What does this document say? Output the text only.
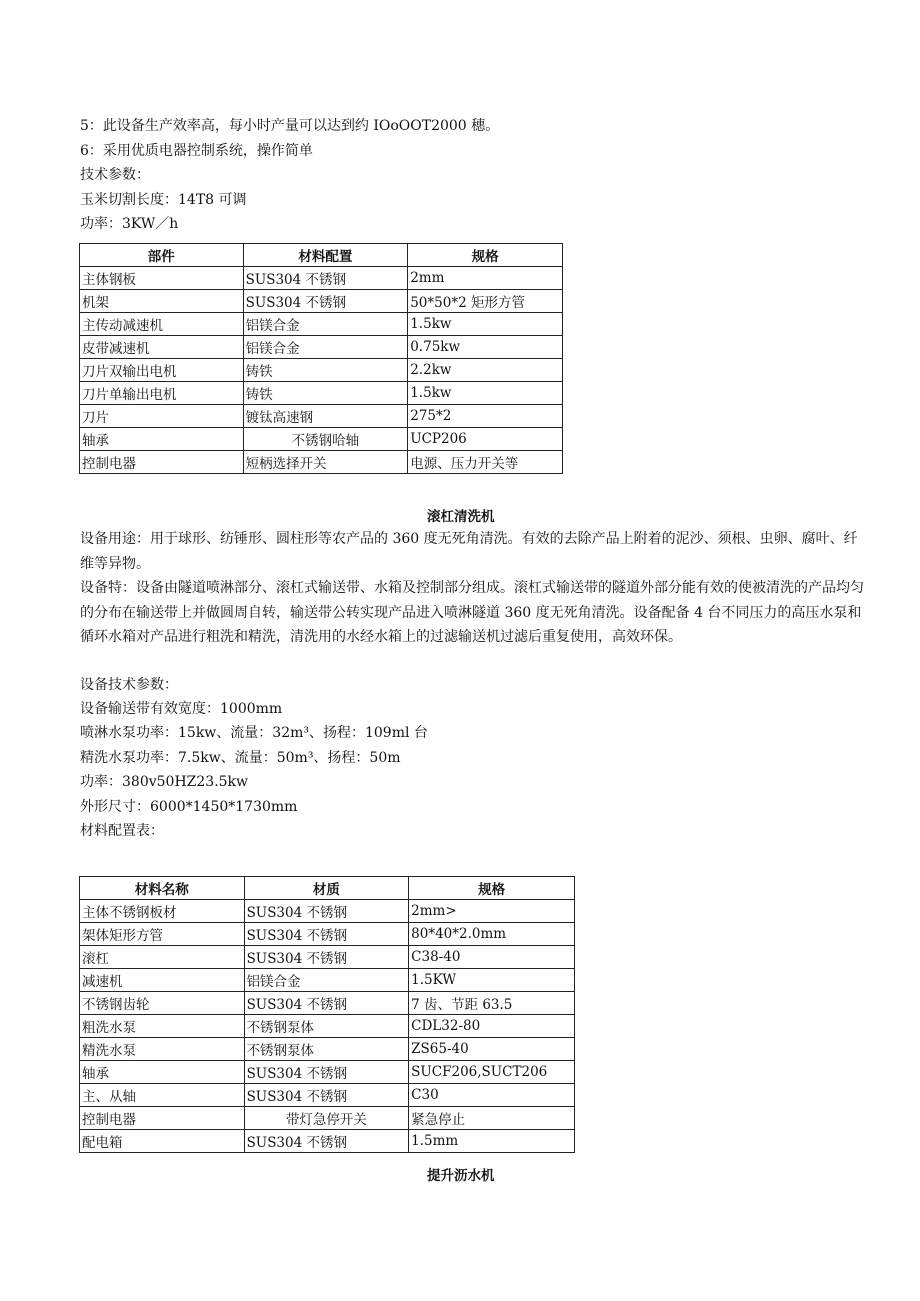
5：此设备生产效率高，每小时产量可以达到约 IOoOOT2000 穗。
6：采用优质电器控制系统，操作简单
技术参数：
玉米切割长度：14T8 可调
功率：3KW／h
部件	材料配置	规格
主体钢板	SUS304 不锈钢	2mm
机架	SUS304 不锈钢	50*50*2 矩形方管
主传动减速机	铝镁合金	1.5kw
皮带减速机	铝镁合金	0.75kw
刀片双输出电机	铸铁	2.2kw
刀片单输出电机	铸铁	1.5kw
刀片	镀钛高速钢	275*2
轴承	不锈钢哈轴	UCP206
控制电器	短柄选择开关	电源、压力开关等
滚杠清洗机
设备用途：用于球形、纺锤形、圆柱形等农产品的 360 度无死角清洗。有效的去除产品上附着的泥沙、须根、虫卵、腐叶、纤维等异物。
设备特：设备由隧道喷淋部分、滚杠式输送带、水箱及控制部分组成。滚杠式输送带的隧道外部分能有效的使被清洗的产品均匀的分布在输送带上并做圆周自转，输送带公转实现产品进入喷淋隧道 360 度无死角清洗。设备配备 4 台不同压力的高压水泵和循环水箱对产品进行粗洗和精洗，清洗用的水经水箱上的过滤输送机过滤后重复使用，高效环保。
设备技术参数：
设备输送带有效宽度：1000mm
喷淋水泵功率：15kw、流量：32m³、扬程：109ml 台
精洗水泵功率：7.5kw、流量：50m³、扬程：50m
功率：380v50HZ23.5kw
外形尺寸：6000*1450*1730mm
材料配置表：
材料名称	材质	规格
主体不锈钢板材	SUS304 不锈钢	2mm>
架体矩形方管	SUS304 不锈钢	80*40*2.0mm
滚杠	SUS304 不锈钢	C38-40
减速机	铝镁合金	1.5KW
不锈钢齿轮	SUS304 不锈钢	7 齿、节距 63.5
粗洗水泵	不锈钢泵体	CDL32-80
精洗水泵	不锈钢泵体	ZS65-40
轴承	SUS304 不锈钢	SUCF206,SUCT206
主、从轴	SUS304 不锈钢	C30
控制电器	带灯急停开关	紧急停止
配电箱	SUS304 不锈钢	1.5mm
提升沥水机
